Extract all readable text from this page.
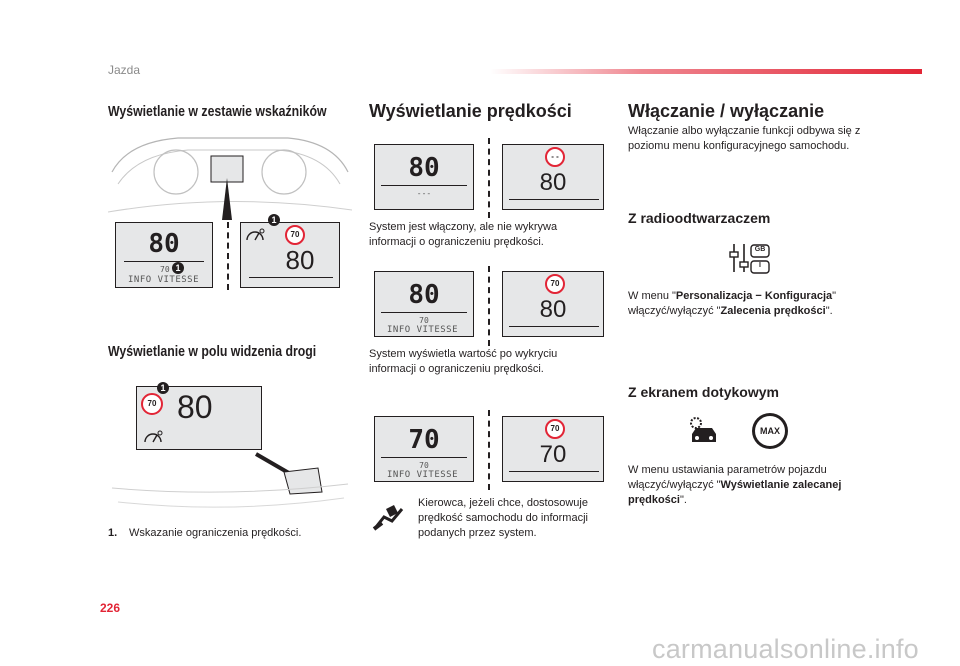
Jazda
Wyświetlanie w zestawie wskaźników
80
70
INFO VITESSE
1
70
80
1
Wyświetlanie w polu widzenia drogi
70 80
1
1. Wskazanie ograniczenia prędkości.
Wyświetlanie prędkości
80
---
- -
80
System jest włączony, ale nie wykrywa informacji o ograniczeniu prędkości.
80
70
INFO VITESSE
70
80
System wyświetla wartość po wykryciu informacji o ograniczeniu prędkości.
70
70
INFO VITESSE
70
70
Kierowca, jeżeli chce, dostosowuje prędkość samochodu do informacji podanych przez system.
Włączanie / wyłączanie
Włączanie albo wyłączanie funkcji odbywa się z poziomu menu konfiguracyjnego samochodu.
Z radioodtwarzaczem
GB
I
W menu "Personalizacja − Konfiguracja" włączyć/wyłączyć "Zalecenia prędkości".
Z ekranem dotykowym
MAX
W menu ustawiania parametrów pojazdu włączyć/wyłączyć "Wyświetlanie zalecanej prędkości".
226
carmanualsonline.info
